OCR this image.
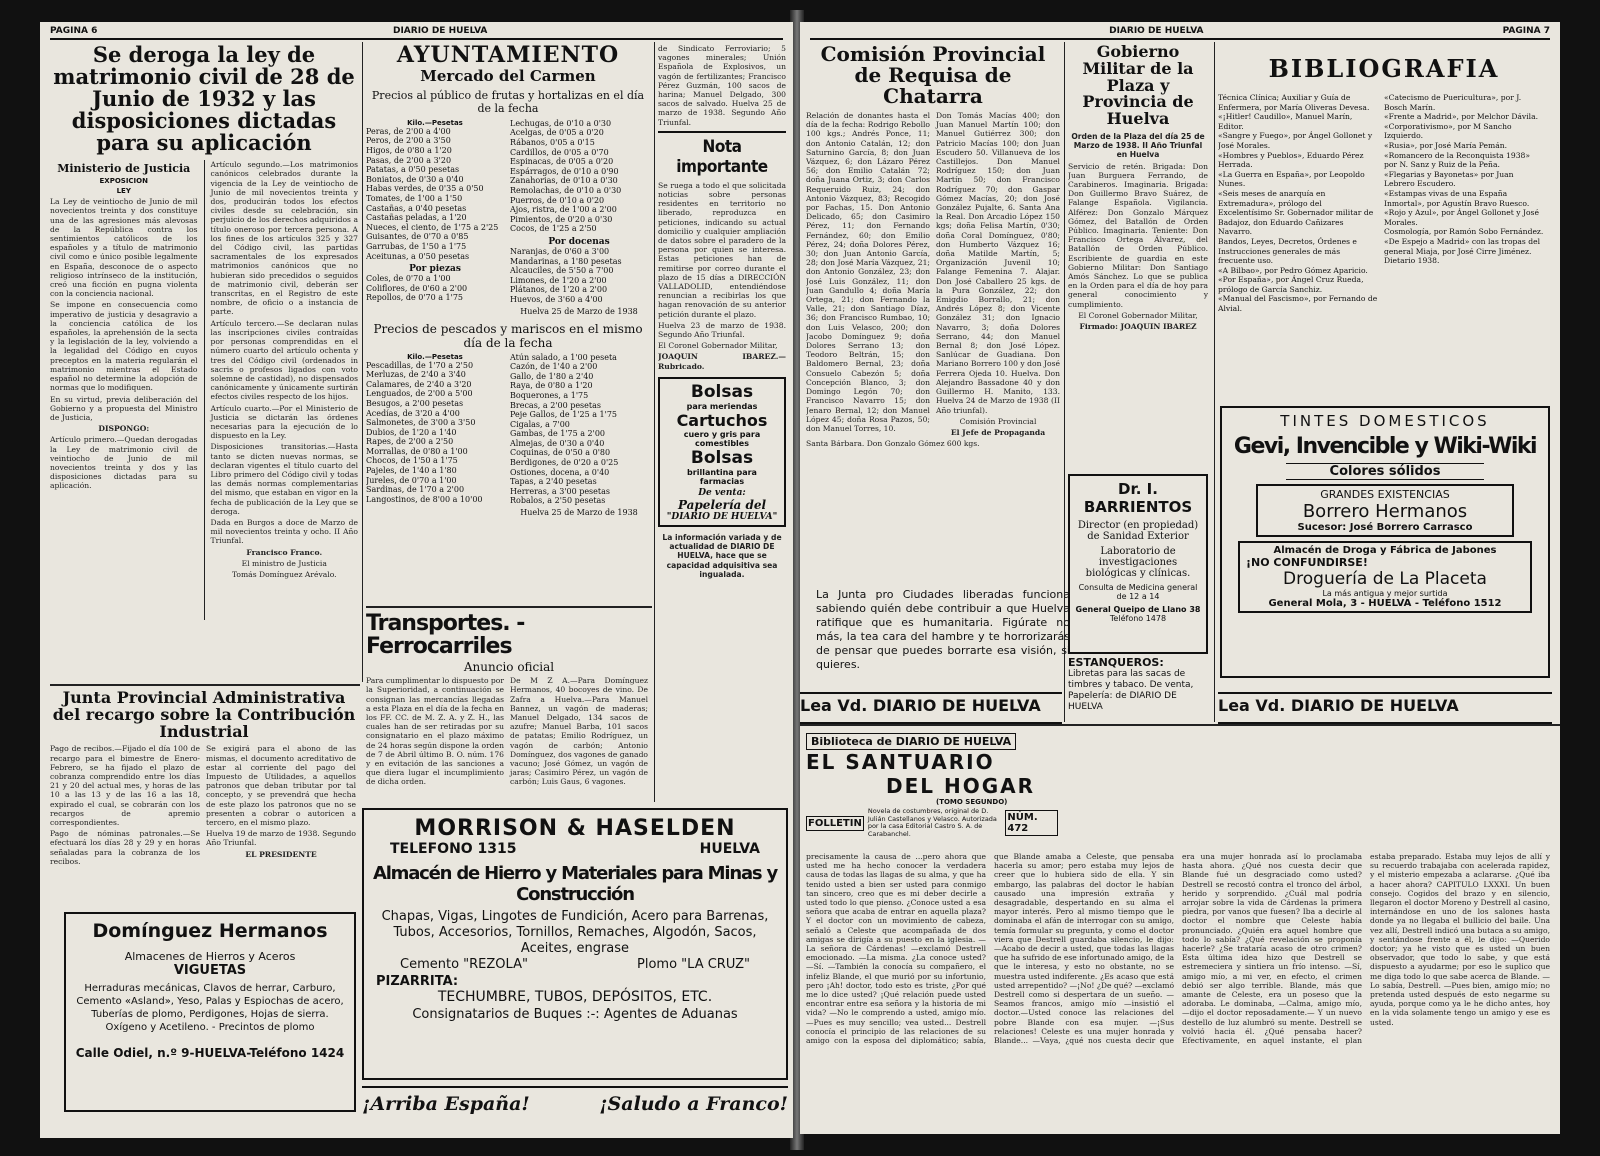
PAGINA 6	DIARIO DE HUELVA
Se deroga la ley de matrimonio civil de 28 de Junio de 1932 y las disposiciones dictadas para su aplicación
Ministerio de Justicia
EXPOSICION
LEY

La Ley de veintiocho de Junio de mil novecientos treinta y dos constituye una de las agresiones más alevosas de la República contra los sentimientos católicos de los españoles y a título de matrimonio civil como e único posible legalmente en España, desconoce de o aspecto religioso intrínseco de la institución, creó una ficción en pugna violenta con la conciencia nacional.

Se impone en consecuencia como imperativo de justicia y desagravio a la conciencia católica de los españoles, la aprehensión de la secta y la legislación de la ley, volviendo a la legalidad del Código en cuyos preceptos en la materia regularán el matrimonio mientras el Estado español no determine la adopción de normas que lo modifiquen.

En su virtud, previa deliberación del Gobierno y a propuesta del Ministro de Justicia,

DISPONGO:

Artículo primero.—Quedan derogadas la Ley de matrimonio civil de veintiocho de Junio de mil novecientos treinta y dos y las disposiciones dictadas para su aplicación.

Artículo segundo.—Los matrimonios canónicos celebrados durante la vigencia de la Ley de veintiocho de Junio de mil novecientos treinta y dos, producirán todos los efectos civiles desde su celebración, sin perjuicio de los derechos adquiridos a título oneroso por tercera persona. A los fines de los artículos 325 y 327 del Código civil, las partidas sacramentales de los expresados matrimonios canónicos que no hubieran sido precedidos o seguidos de matrimonio civil, deberán ser transcritas, en el Registro de este nombre, de oficio o a instancia de parte.

Artículo tercero.—Se declaran nulas las inscripciones civiles contraídas por personas comprendidas en el número cuarto del artículo ochenta y tres del Código civil (ordenados in sacris o profesos ligados con voto solemne de castidad), no dispensados canónicamente y únicamente surtirán efectos civiles respecto de los hijos.

Artículo cuarto.—Por el Ministerio de Justicia se dictarán las órdenes necesarias para la ejecución de lo dispuesto en la Ley.

Disposiciones transitorias.—Hasta tanto se dicten nuevas normas, se declaran vigentes el título cuarto del Libro primero del Código civil y todas las demás normas complementarias del mismo, que estaban en vigor en la fecha de publicación de la Ley que se deroga.

Dada en Burgos a doce de Marzo de mil novecientos treinta y ocho. II Año Triunfal.

Francisco Franco.

El ministro de Justicia

Tomás Domínguez Arévalo.

AYUNTAMIENTO
Mercado del Carmen

Precios al público de frutas y hortalizas en el día de la fecha

Kilo.—Pesetas
Peras, de 2'00 a 4'00
Peros, de 2'00 a 3'50
Higos, de 0'80 a 1'20
Pasas, de 2'00 a 3'20
Patatas, a 0'50 pesetas
Boniatos, de 0'30 a 0'40
Habas verdes, de 0'35 a 0'50
Tomates, de 1'00 a 1'50
Castañas, a 0'40 pesetas
Castañas peladas, a 1'20
Nueces, el ciento, de 1'75 a 2'25
Guisantes, de 0'70 a 0'85
Garrubas, de 1'50 a 1'75
Aceitunas, a 0'50 pesetas
Por piezas
Coles, de 0'70 a 1'00
Coliflores, de 0'60 a 2'00
Repollos, de 0'70 a 1'75
Lechugas, de 0'10 a 0'30
Acelgas, de 0'05 a 0'20
Rábanos, 0'05 a 0'15
Cardillos, de 0'05 a 0'70
Espinacas, de 0'05 a 0'20
Espárragos, de 0'10 a 0'90
Zanahorias, de 0'10 a 0'30
Remolachas, de 0'10 a 0'30
Puerros, de 0'10 a 0'20
Ajos, ristra, de 1'00 a 2'00
Pimientos, de 0'20 a 0'30
Cocos, de 1'25 a 2'50
Por docenas
Naranjas, de 0'60 a 3'00
Mandarinas, a 1'80 pesetas
Alcauciles, de 5'50 a 7'00
Limones, de 1'20 a 2'00
Plátanos, de 1'20 a 2'00
Huevos, de 3'60 a 4'00
Huelva 25 de Marzo de 1938

Precios de pescados y mariscos en el mismo día de la fecha

Kilo.—Pesetas
Pescadillas, de 1'70 a 2'50
Merluzas, de 2'40 a 3'40
Calamares, de 2'40 a 3'20
Lenguados, de 2'00 a 5'00
Besugos, a 2'00 pesetas
Acedías, de 3'20 a 4'00
Salmonetes, de 3'00 a 3'50
Dubios, de 1'20 a 1'40
Rapes, de 2'00 a 2'50
Morrallas, de 0'80 a 1'00
Chocos, de 1'50 a 1'75
Pajeles, de 1'40 a 1'80
Jureles, de 0'70 a 1'00
Sardinas, de 1'70 a 2'00
Langostinos, de 8'00 a 10'00
Atún salado, a 1'00 peseta
Cazón, de 1'40 a 2'00
Gallo, de 1'80 a 2'40
Raya, de 0'80 a 1'20
Boquerones, a 1'75
Brecas, a 2'00 pesetas
Peje Gallos, de 1'25 a 1'75
Cigalas, a 7'00
Gambas, de 1'75 a 2'00
Almejas, de 0'30 a 0'40
Coquinas, de 0'50 a 0'80
Berdigones, de 0'20 a 0'25
Ostiones, docena, a 0'40
Tapas, a 2'40 pesetas
Herreras, a 3'00 pesetas
Robalos, a 2'50 pesetas
Huelva 25 de Marzo de 1938

de Sindicato Ferroviario; 5 vagones minerales; Unión Española de Explosivos, un vagón de fertilizantes; Francisco Pérez Guzmán, 100 sacos de harina; Manuel Delgado, 300 sacos de salvado. Huelva 25 de marzo de 1938. Segundo Año Triunfal.

Nota importante

Se ruega a todo el que solicitada noticias sobre personas residentes en territorio no liberado, reproduzca en peticiones, indicando su actual domicilio y cualquier ampliación de datos sobre el paradero de la persona por quien se interesa. Estas peticiones han de remitirse por correo durante el plazo de 15 días a DIRECCIÓN VALLADOLID, entendiéndose renuncian a recibirlas los que hagan renovación de su anterior petición durante el plazo.

Huelva 23 de marzo de 1938. Segundo Año Triunfal.

El Coronel Gobernador Militar,

JOAQUIN IBAREZ.—Rubricado.

Bolsas
para meriendas
Cartuchos
cuero y gris para
comestibles
Bolsas
brillantina para
farmacias
De venta:
Papelería del
"DIARIO DE HUELVA"

La información variada y de actualidad de DIARIO DE HUELVA, hace que se capacidad adquisitiva sea ingualada.

Junta Provincial Administrativa del recargo sobre la Contribución Industrial

Pago de recibos.—Fijado el día 100 de recargo para el bimestre de Enero-Febrero, se ha fijado el plazo de cobranza comprendido entre los días 21 y 20 del actual mes, y horas de las 10 a las 13 y de las 16 a las 18, expirado el cual, se cobrarán con los recargos de apremio correspondientes.

Pago de nóminas patronales.—Se efectuará los días 28 y 29 y en horas señaladas para la cobranza de los recibos.

Se exigirá para el abono de las mismas, el documento acreditativo de estar al corriente del pago del Impuesto de Utilidades, a aquellos patronos que deban tributar por tal concepto, y se prevendrá que hecha de este plazo los patronos que no se presenten a cobrar o autoricen a tercero, en el mismo plazo.

Huelva 19 de marzo de 1938. Segundo Año Triunfal.

EL PRESIDENTE

Transportes. - Ferrocarriles
Anuncio oficial

Para cumplimentar lo dispuesto por la Superioridad, a continuación se consignan las mercancías llegadas a esta Plaza en el día de la fecha en los FF. CC. de M. Z. A. y Z. H., las cuales han de ser retiradas por su consignatario en el plazo máximo de 24 horas según dispone la orden de 7 de Abril último B. O. núm. 176 y en evitación de las sanciones a que diera lugar el incumplimiento de dicha orden.

De M Z A.—Para Domínguez Hermanos, 40 bocoyes de vino. De Zafra a Huelva.—Para Manuel Bannez, un vagón de maderas; Manuel Delgado, 134 sacos de azufre; Manuel Barba, 101 sacos de patatas; Emilio Rodríguez, un vagón de carbón; Antonio Domínguez, dos vagones de ganado vacuno; José Gómez, un vagón de jaras; Casimiro Pérez, un vagón de carbón; Luis Gaus, 6 vagones.

Domínguez Hermanos
Almacenes de Hierros y Aceros
VIGUETAS
Herraduras mecánicas, Clavos de herrar, Carburo, Cemento «Asland», Yeso, Palas y Espiochas de acero, Tuberías de plomo, Perdigones, Hojas de sierra. Oxígeno y Acetileno. - Precintos de plomo
Calle Odiel, n.º 9-HUELVA-Teléfono 1424
MORRISON & HASELDEN
TELEFONO 1315	HUELVA
Almacén de Hierro y Materiales para Minas y Construcción
Chapas, Vigas, Lingotes de Fundición, Acero para Barrenas, Tubos, Accesorios, Tornillos, Remaches, Algodón, Sacos, Aceites, engrase
Cemento "REZOLA"	Plomo "LA CRUZ"
PIZARRITA:
TECHUMBRE, TUBOS, DEPÓSITOS, ETC.
Consignatarios de Buques :-: Agentes de Aduanas
¡Arriba España!	¡Saludo a Franco!
DIARIO DE HUELVA	PAGINA 7
Comisión Provincial de Requisa de Chatarra

Relación de donantes hasta el día de la fecha: Rodrigo Rebollo 100 kgs.; Andrés Ponce, 11; don Antonio Catalán, 12; don Saturnino García, 8; don Juan Vázquez, 6; don Lázaro Pérez 56; don Emilio Catalán 72; doña Juana Ortiz, 3; don Carlos Requeruido Ruiz, 24; don Antonio Vázquez, 83; Recogido por Fachas, 15. Don Antonio Delicado, 65; don Casimiro Pérez, 11; don Fernando Fernández, 60; don Emilio Pérez, 24; doña Dolores Pérez, 30; don Juan Antonio García, 28; don José María Vázquez, 21; don Antonio González, 23; don José Luis González, 11; don Juan Gandullo 4; doña María Ortega, 21; don Fernando la Valle, 21; don Santiago Díaz, 36; don Francisco Rumbao, 10; don Luis Velasco, 200; don Jacobo Domínguez 9; doña Dolores Serrano 13; don Teodoro Beltrán, 15; don Baldomero Bernal, 23; doña Consuelo Cabezón 5; doña Concepción Blanco, 3; don Domingo Legón 70; don Francisco Navarro 15; don Jenaro Bernal, 12; don Manuel López 45; doña Rosa Pazos, 50; don Manuel Torres, 10.

Don Tomás Macías 400; don Juan Manuel Martín 100; don Manuel Gutiérrez 300; don Patricio Macías 100; don Juan Escudero 50. Villanueva de los Castillejos. Don Manuel Rodríguez 150; don Juan Martín 50; don Francisco Rodríguez 70; don Gaspar Gómez Macías, 20; don José González Pujalte, 6. Santa Ana la Real. Don Arcadio López 150 kgs; doña Felisa Martín, 0'30; doña Coral Domínguez, 0'80; don Humberto Vázquez 16; doña Matilde Martín, 5; Organización Juvenil 10; Falange Femenina 7. Alajar. Don José Caballero 25 kgs. de la Pura González, 22; don Emigdio Borrallo, 21; don Andrés López 8; don Vicente González 31; don Ignacio Navarro, 3; doña Dolores Serrano, 44; don Manuel Bernal 8; don José López. Sanlúcar de Guadiana. Don Mariano Borrero 100 y don José Ferrera Ojeda 10. Huelva. Don Alejandro Bassadone 40 y don Guillermo H. Manito, 133. Huelva 24 de Marzo de 1938 (II Año triunfal).

Comisión Provincial

El Jefe de Propaganda

Santa Bárbara. Don Gonzalo Gómez 600 kgs.

Gobierno Militar de la Plaza y Provincia de Huelva

Orden de la Plaza del día 25 de Marzo de 1938. II Año Triunfal en Huelva

Servicio de retén. Brigada: Don Juan Burguera Ferrando, de Carabineros. Imaginaria. Brigada: Don Guillermo Bravo Suárez, de Falange Española. Vigilancia. Alférez: Don Gonzalo Márquez Gómez, del Batallón de Orden Público. Imaginaria. Teniente: Don Francisco Ortega Álvarez, del Batallón de Orden Público. Escribiente de guardia en este Gobierno Militar: Don Santiago Amós Sánchez. Lo que se publica en la Orden para el día de hoy para general conocimiento y cumplimiento.

El Coronel Gobernador Militar,

Firmado: JOAQUIN IBAREZ

Dr. I. BARRIENTOS
Director (en propiedad) de Sanidad Exterior
Laboratorio de investigaciones biológicas y clínicas.
Consulta de Medicina general de 12 a 14
General Queipo de Llano 38
Teléfono 1478
La Junta pro Ciudades liberadas funciona sabiendo quién debe contribuir a que Huelva ratifique que es humanitaria. Figúrate no más, la tea cara del hambre y te horrorizarás de pensar que puedes borrarte esa visión, si quieres.	ESTANQUEROS:
Libretas para las sacas de timbres y tabaco. De venta, Papelería: de DIARIO DE HUELVA
Lea Vd. DIARIO DE HUELVA
BIBLIOGRAFIA
Técnica Clínica; Auxiliar y Guía de Enfermera, por María Oliveras Devesa.
«¡Hitler! Caudillo», Manuel Marín, Editor.
«Sangre y Fuego», por Ángel Gollonet y José Morales.
«Hombres y Pueblos», Eduardo Pérez Herrada.
«La Guerra en España», por Leopoldo Nunes.
«Seis meses de anarquía en Extremadura», prólogo del Excelentísimo Sr. Gobernador militar de Badajoz, don Eduardo Cañizares Navarro.
Bandos, Leyes, Decretos, Órdenes e Instrucciones generales de más frecuente uso.
«A Bilbao», por Pedro Gómez Aparicio.
«Por España», por Ángel Cruz Rueda, prólogo de García Sanchiz.
«Manual del Fascismo», por Fernando de Alvial.
«Catecismo de Puericultura», por J. Bosch Marín.
«Frente a Madrid», por Melchor Dávila.
«Corporativismo», por M Sancho Izquierdo.
«Rusia», por José María Pemán.
«Romancero de la Reconquista 1938» por N. Sanz y Ruiz de la Peña.
«Flegarias y Bayonetas» por Juan Lebrero Escudero.
«Estampas vivas de una España Inmortal», por Agustín Bravo Ruesco.
«Rojo y Azul», por Ángel Gollonet y José Morales.
Cosmología, por Ramón Sobo Fernández.
«De Espejo a Madrid» con las tropas del general Miaja, por José Cirre Jiménez.
Dietario 1938.
TINTES DOMESTICOS
Gevi, Invencible y Wiki-Wiki
Colores sólidos
GRANDES EXISTENCIAS
Borrero Hermanos
Sucesor: José Borrero Carrasco
Almacén de Droga y Fábrica de Jabones
¡NO CONFUNDIRSE!
Droguería de La Placeta
La más antigua y mejor surtida
General Mola, 3 - HUELVA - Teléfono 1512
Lea Vd. DIARIO DE HUELVA
Biblioteca de DIARIO DE HUELVA
EL SANTUARIO
DEL HOGAR
(TOMO SEGUNDO)
FOLLETIN
Novela de costumbres, original de D. Julián Castellanos y Velasco. Autorizada por la casa Editorial Castro S. A. de Carabanchel.
NÚM. 472
precisamente la causa de ...pero ahora que usted me ha hecho conocer la verdadera causa de todas las llagas de su alma, y que ha tenido usted a bien ser usted para conmigo tan sincero, creo que es mi deber decirle a usted todo lo que pienso. ¿Conoce usted a esa señora que acaba de entrar en aquella plaza? Y el doctor con un movimiento de cabeza, señaló a Celeste que acompañada de dos amigas se dirigía a su puesto en la iglesia. —La señora de Cárdenas! —exclamó Destrell emocionado. —La misma. ¿La conoce usted? —Sí. —También la conocía su compañero, el infeliz Blande, el que murió por su infortunio, pero ¡Ah! doctor, todo esto es triste, ¿Por qué me lo dice usted? ¡Qué relación puede usted encontrar entre esa señora y la historia de mi vida? —No le comprendo a usted, amigo mío. —Pues es muy sencillo; vea usted... Destrell conocía el principio de las relaciones de su amigo con la esposa del diplomático; sabía, que Blande amaba a Celeste, que pensaba hacerla su amor; pero estaba muy lejos de creer que lo hubiera sido de ella. Y sin embargo, las palabras del doctor le habían causado una impresión extraña y desagradable, despertando en su alma el mayor interés. Pero al mismo tiempo que le dominaba el afán de interrogar con su amigo, temía formular su pregunta, y como el doctor viera que Destrell guardaba silencio, le dijo: —Acabo de decir a usted, que todas las llagas que ha sufrido de ese infortunado amigo, de la que le interesa, y esto no obstante, no se muestra usted indiferente. ¿Es acaso que está usted arrepentido? —¡No! ¿De qué? —exclamó Destrell como si despertara de un sueño. —Seamos francos, amigo mío —insistió el doctor.—Usted conoce las relaciones del pobre Blande con esa mujer. —¡Sus relaciones! Celeste es una mujer honrada y Blande... —Vaya, ¿qué nos cuesta decir que era una mujer honrada así lo proclamaba hasta ahora. ¿Qué nos cuesta decir que Blande fué un desgraciado como usted? Destrell se recostó contra el tronco del árbol, herido y sorprendido. ¿Cuál mal podría arrojar sobre la vida de Cárdenas la primera piedra, por vanos que fuesen? Iba a decirle al doctor el nombre que Celeste había pronunciado. ¿Quién era aquel hombre que todo lo sabía? ¿Qué revelación se proponía hacerle? ¿Se trataría acaso de otro crimen? Esta última idea hizo que Destrell se estremeciera y sintiera un frío intenso. —Sí, amigo mío, a mi ver, en efecto, el crimen debió ser algo terrible. Blande, más que amante de Celeste, era un poseso que la adoraba. Le dominaba, —Calma, amigo mío, —dijo el doctor reposadamente.— Y un nuevo destello de luz alumbró su mente. Destrell se volvió hacia él. ¿Qué pensaba hacer? Efectivamente, en aquel instante, el plan estaba preparado. Estaba muy lejos de allí y su recuerdo trabajaba con acelerada rapidez, y el misterio empezaba a aclararse. ¿Qué iba a hacer ahora? CAPITULO LXXXI. Un buen consejo. Cogidos del brazo y en silencio, llegaron el doctor Moreno y Destrell al casino, internándose en uno de los salones hasta donde ya no llegaba el bullicio del baile. Una vez allí, Destrell indicó una butaca a su amigo, y sentándose frente a él, le dijo: —Querido doctor; ya he visto que es usted un buen observador, que todo lo sabe, y que está dispuesto a ayudarme; por eso le suplico que me diga todo lo que sabe acerca de Blande. —Lo sabía, Destrell. —Pues bien, amigo mío; no pretenda usted después de esto negarme su ayuda, porque como ya le he dicho antes, hoy en la vida solamente tengo un amigo y ese es usted.
